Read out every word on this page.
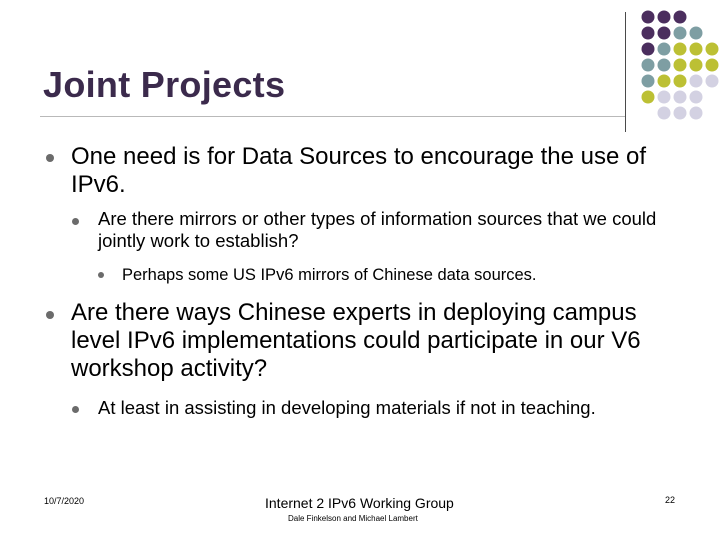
Joint Projects
One need is for Data Sources to encourage the use of IPv6.
Are there mirrors or other types of information sources that we could jointly work to establish?
Perhaps some US IPv6 mirrors of Chinese data sources.
Are there ways Chinese experts in deploying campus level IPv6 implementations could participate in our V6 workshop activity?
At least in assisting in developing materials if not in teaching.
10/7/2020	Internet 2 IPv6 Working Group
Dale Finkelson and Michael Lambert
22
